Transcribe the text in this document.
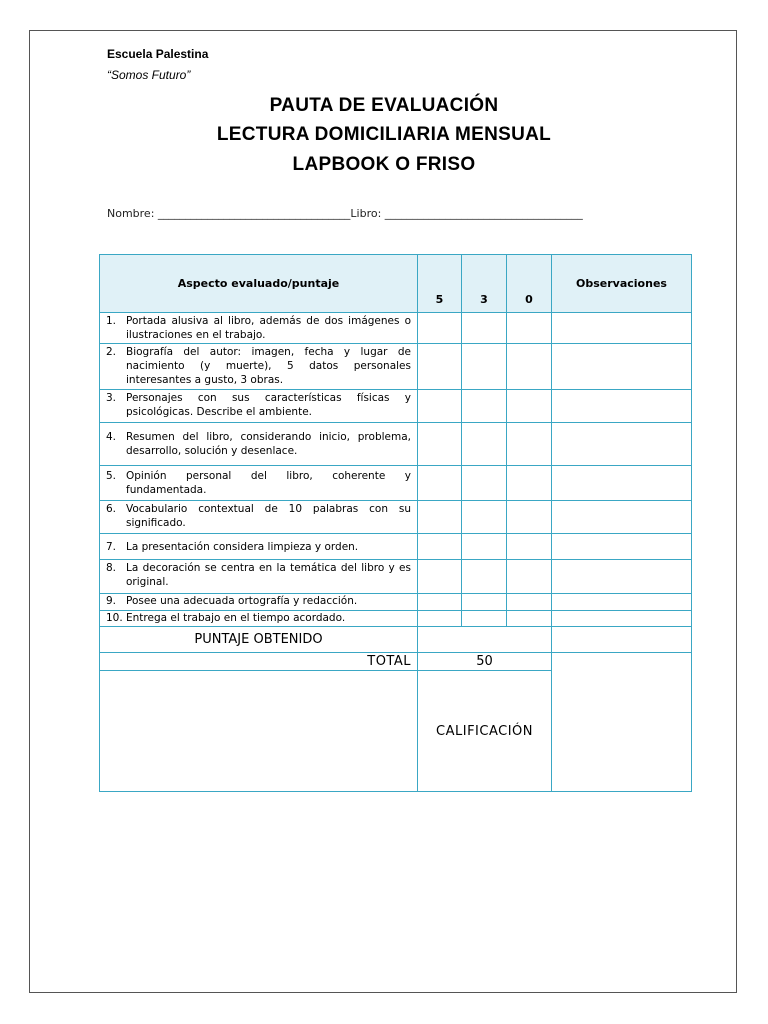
Escuela Palestina
“Somos Futuro”
PAUTA DE EVALUACIÓN
LECTURA DOMICILIARIA MENSUAL
LAPBOOK O FRISO
Nombre: ___________________________________Libro: ____________________________________
Aspecto evaluado/puntaje	5	3	0	Observaciones

1. Portada alusiva al libro, además de dos imágenes o ilustraciones en el trabajo.				

2. Biografía del autor: imagen, fecha y lugar de nacimiento (y muerte), 5 datos personales interesantes a gusto, 3 obras.				

3. Personajes con sus características físicas y psicológicas. Describe el ambiente.				

4. Resumen del libro, considerando inicio, problema, desarrollo, solución y desenlace.				

5. Opinión personal del libro, coherente y fundamentada.				

6. Vocabulario contextual de 10 palabras con su significado.				

7. La presentación considera limpieza y orden.				

8. La decoración se centra en la temática del libro y es original.				

9. Posee una adecuada ortografía y redacción.				

10. Entrega el trabajo en el tiempo acordado.				

PUNTAJE OBTENIDO				
TOTAL	50			
	CALIFICACIÓN			
